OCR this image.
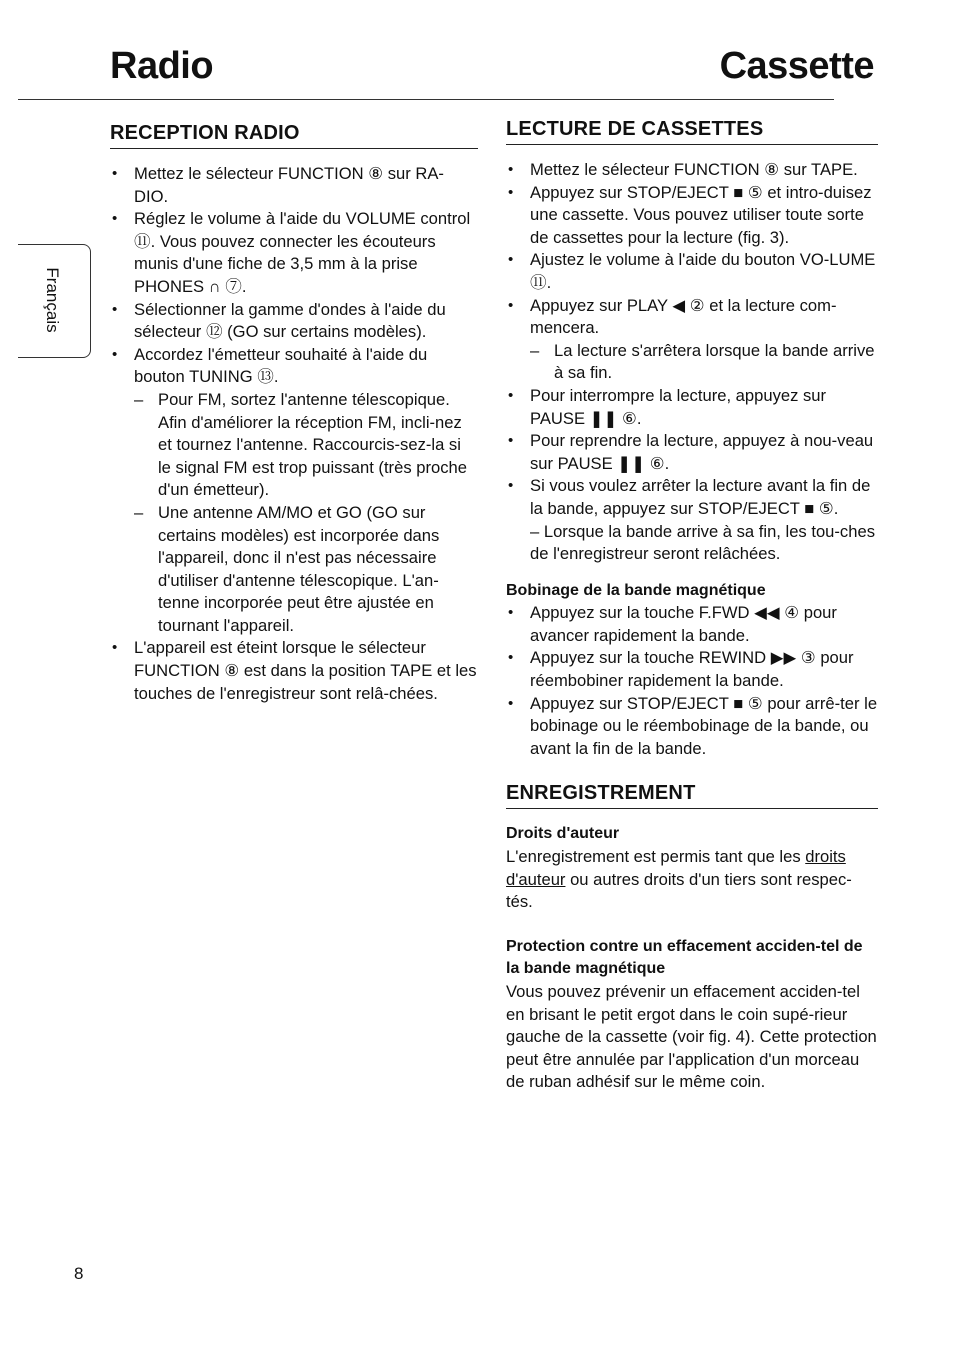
Radio	Cassette
Français
RECEPTION RADIO
• Mettez le sélecteur FUNCTION ⑧ sur RA-DIO.
• Réglez le volume à l'aide du VOLUME control ⑪. Vous pouvez connecter les écouteurs munis d'une fiche de 3,5 mm à la prise PHONES ∩ ⑦.
• Sélectionner la gamme d'ondes à l'aide du sélecteur ⑫ (GO sur certains modèles).
• Accordez l'émetteur souhaité à l'aide du bouton TUNING ⑬.
– Pour FM, sortez l'antenne télescopique. Afin d'améliorer la réception FM, incli-nez et tournez l'antenne. Raccourcis-sez-la si le signal FM est trop puissant (très proche d'un émetteur).
– Une antenne AM/MO et GO (GO sur certains modèles) est incorporée dans l'appareil, donc il n'est pas nécessaire d'utiliser d'antenne télescopique. L'an-tenne incorporée peut être ajustée en tournant l'appareil.
• L'appareil est éteint lorsque le sélecteur FUNCTION ⑧ est dans la position TAPE et les touches de l'enregistreur sont relâ-chées.
LECTURE DE CASSETTES
• Mettez le sélecteur FUNCTION ⑧ sur TAPE.
• Appuyez sur STOP/EJECT ■ ⑤ et intro-duisez une cassette. Vous pouvez utiliser toute sorte de cassettes pour la lecture (fig. 3).
• Ajustez le volume à l'aide du bouton VO-LUME ⑪.
• Appuyez sur PLAY ◀ ② et la lecture com-mencera.
– La lecture s'arrêtera lorsque la bande arrive à sa fin.
• Pour interrompre la lecture, appuyez sur PAUSE ❚❚ ⑥.
• Pour reprendre la lecture, appuyez à nou-veau sur PAUSE ❚❚ ⑥.
• Si vous voulez arrêter la lecture avant la fin de la bande, appuyez sur STOP/EJECT ■ ⑤.
– Lorsque la bande arrive à sa fin, les tou-ches de l'enregistreur seront relâchées.
Bobinage de la bande magnétique
• Appuyez sur la touche F.FWD ◀◀ ④ pour avancer rapidement la bande.
• Appuyez sur la touche REWIND ▶▶ ③ pour réembobiner rapidement la bande.
• Appuyez sur STOP/EJECT ■ ⑤ pour arrê-ter le bobinage ou le réembobinage de la bande, ou avant la fin de la bande.
ENREGISTREMENT
Droits d'auteur

L'enregistrement est permis tant que les droits d'auteur ou autres droits d'un tiers sont respec-tés.

Protection contre un effacement acciden-tel de la bande magnétique

Vous pouvez prévenir un effacement acciden-tel en brisant le petit ergot dans le coin supé-rieur gauche de la cassette (voir fig. 4). Cette protection peut être annulée par l'application d'un morceau de ruban adhésif sur le même coin.

8
